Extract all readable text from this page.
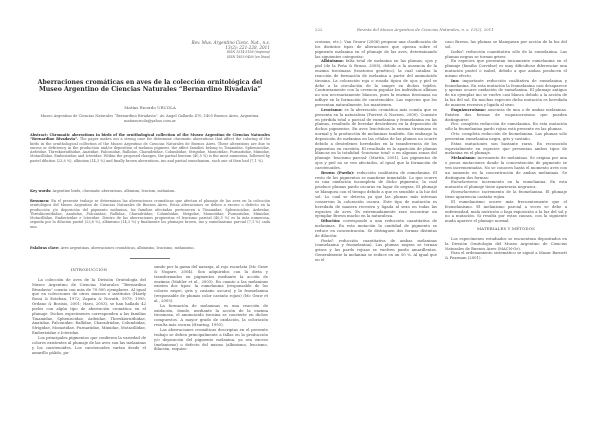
Rev. Mus. Argentino Cienc. Nat., n.s.
13(2): 221-228, 2011
ISSN 1514-5158 (impresa)
ISSN 1853-0400 (en línea)
Aberraciones cromáticas en aves de la colección ornitológica del Museo Argentino de Ciencias Naturales “Bernardino Rivadavia”
Matías Ricardo URCOLA
Museo Argentino de Ciencias Naturales “Bernardino Rivadavia”. Av. Angel Gallardo 470, 1405 Buenos Aires, Argentina. matiasurcola@yahoo.com.ar
Abstract: Chromatic aberrations in birds of the ornithological collection of the Museo Argentino de Ciencias Naturales “Bernardino Rivadavia”. The paper makes out a strong case for determine chromatic aberrations that affect the coloring of the birds in the ornithological collection of the Museo Argentino de Ciencias Naturales de Buenos Aires. These alterations are due to excess or deficiency in the production and/or deposition of melanin pigment, the affect families belong to Tinamidae, Spheniscidae, Ardeidae, Threskiornithidae, Anatidae, Falconidae, Rallidae, Charadriidae, Columbidae, Strigidae, Momotidae, Furnariidae, Mimidae, Motacillidae, Emberizidae and Icteridae. Within the proposed changes, the partial leucism (40,5 %) is the most numerous, followed by pastel dilution (23,8 %), albinism (14,3 %) and finally brown aberrations, ino and partial eumelanism, each one of then had (7,1 %).
Key words: Argentine birds, chromatic aberrations, albinism, leucism, melanism.
Resumen: En el presente trabajo se determinan las aberraciones cromáticas que afectan el plumaje de las aves en la colección ornitológica del Museo Argentino de Ciencias Naturales de Buenos Aires. Estas alteraciones se deben a exceso o defecto en la producción y/o deposición del pigmento melanina, las familias afectadas pertenecen a Tinamidae, Spheniscidae, Ardeidae, Threskiornithidae, Anatidae, Falconidae, Rallidae, Charadriidae, Columbidae, Strigidae, Momotidae, Furnariidae, Mimidae, Motacillidae, Emberizidae e Icteridae. Dentro de las aberraciones propuestas el leucismo parcial (40,5 %) es la más numerosa, seguida por la dilución pastel (23,8 %), albinismo (14,3 %) y finalmente los plumajes brown, ino y eumelanismo parcial (7,1 %) cada una.
Palabras clave: Aves argentinas, aberraciones cromáticas, albinismo, leucismo, melanismo.

INTRODUCCIÓN

La colección de aves de la División Ornitología del Museo Argentino de Ciencias Naturales “Bernardino Rivadavia” cuenta con más de 70.000 ejemplares. Al igual que en colecciones de otros museos e institutos (Hardy Rossi & Esteban, 1972; Zapata & Novatti, 1979, 1995; Ordano & Bosisio, 2001; Haro, 2003), se han hallado 42 pieles con algún tipo de aberración cromática en el plumaje. Dichos especímenes corresponden a las familias Tinamidae, Spheniscidae, Ardeidae, Threskiornithidae, Anatidae, Falconidae, Rallidae, Charadriidae, Columbidae, Strigidae, Momotidae, Furnariidae, Mimidae, Motacillidae, Emberizidae e Icteridae.

Los principales pigmentos que confieren la variedad de colores existentes al plumaje de las aves son las melaninas y los carotenoides. Los carotenoides varían desde el amarillo pálido, pa-

sando por la gama del naranja, al rojo escarlata (Mc Graw & Nogare, 2004). Son adquiridos con la dieta y transformados en pigmentos mediante la acción de enzimas (Mahler et al., 2003). En cuanto a las melaninas existen dos tipos: la eumelanina (responsable de los colores negro, gris y castaño oscuro) y la feomelanina (responsable de plumas color castaño rojizo) (Mc Graw et al., 2005).

La formación de melaninas es una reacción de oxidación, donde, mediante la acción de la enzima tirosinasa, el aminoácido tirosina se convierte en dichos compuestos. A mayor grado de oxidación, la coloración resulta más oscura (Hearing, 1993).

Las aberraciones cromáticas descriptas en el presente trabajo se deben principalmente a fallas en la producción y/o deposición del pigmento melanina, ya sea exceso (melanismo) o defecto del mismo (albinismo, leucismo, dilución, esquizo-

222	Revista del Museo Argentino de Ciencias Naturales, n. s. 13(2), 2011

croismo, etc.). Van Grouw (2006) propone una clasificación de los distintos tipos de alteraciones que operan sobre el pigmento melanina en el plumaje de las aves, determinando las siguientes categorías:

Albinismo: falta total de melanina en las plumas, ojos y piel (de la Peña & Bruno, 2008), debido a la ausencia de la enzima tirosinasa (trastorno genético), la cual cataliza la reacción de formación de melanina a partir del aminoácido tirosina. La coloración roja o rosada típica de ojos y piel se debe a la circulación de la sangre en dichos tejidos. Contrariamente con la creencia popular los individuos albinos no son necesariamente blancos, pues la enzima tirosinasa no influye en la formación de carotenoides. Las especies que los presentan naturalmente, los mantienen.

Leucismo: es la aberración cromática más común que se presenta en la naturaleza (Forrest & Naveen, 2000). Consiste en pérdida total o parcial de eumelanina y feomelanina en las plumas, resultado de heredar desórdenes en la deposición de dichos pigmentos. En aves leucísticas la enzima tirosinasa es normal y la producción de melaninas también. Sin embargo la deposición de melanina en las células de las plumas no ocurre debido a desórdenes heredados en la transferencia de los pigmentos en cuestión. El resultado es la aparición de plumas blancas en la totalidad -leucismo total- o en algunas zonas del plumaje -leucismo parcial- (Martín, 2001). Los pigmentos de ojos y piel no se ven afectados, al igual que la formación de carotenoides.

Brown (Pardo): reducción cualitativa de eumelanina. El resto de los pigmentos se mantiene inmutable. Lo que ocurre es una oxidación incompleta de dicho pigmento, la cual produce plumas pardo oscuras en lugar de negras. El plumaje se blanquea con el tiempo debido a que es sensible a la luz del sol. Lo cual se detecta ya que las plumas más internas conservan la coloración oscura. Este tipo de mutación es heredada de manera recesiva y ligada al sexo en todas las especies de aves. Es extremadamente raro encontrar un ejemplar Brown macho en la naturaleza.

Dilución: corresponde a una reducción cuantitativa de melaninas. En esta mutación la cantidad de pigmento se reduce en concentración. Se distinguen dos formas distintas de dilución:

Pastel: reducción cuantitativa de ambas melaninas (eumelanina y feomelanina). Las plumas negras se tornan grises y las pardo rojizas se vuelven pardo amarillentas. Generalmente la melanina se reduce en un 50 %. Al igual que en el

caso Brown, las plumas se blanquean por acción de la luz del sol.

Isabel: reducción cuantitativa sólo de la eumelanina. Las plumas negras se tornan grises.

En especies que presentan únicamente eumelanina en el plumaje (familia Corvidae) es muy dificultoso diferenciar una mutación pastel o isabel, debido a que ambas producen el mismo efecto.

Ino: importante reducción cualitativa de eumelanina y feomelanina. En esta mutación la feomelanina casi desaparece y apenas ocurre oxidación de eumelanina. El plumaje antiguo de un ejemplar ino se vuelve casi blanco debido a la acción de la luz del sol. En muchas especies dicha mutación es heredada de manera recesiva y ligada al sexo.

Esquizocroismo: ausencia de una o de ambas melaninas. Existen dos formas de esquizocroismo que pueden distinguirse:

Feo: completa reducción de eumelanina. En esta mutación sólo la feomelanina pardo rojiza está presente en las plumas.

Gris: completa reducción de feomelanina. Las plumas sólo presentan eumelanina negra, gris y castaño.

Estas mutaciones son bastante raras. En reconocido especialmente en especies que presentan ambos tipos de melanina en el plumaje.

Melanismo: incremento de melaninas. Se origina por una o pocas mutaciones donde la concentración de pigmento se ven incrementadas. No se conocen hasta el momento aves con un aumento en la concentración de ambas melaninas. Se distinguen dos formas:

Eumelanismo: incremento en la eumelanina. En esta mutación el plumaje tiene apariencia negruzca.

Feomelanismo: incremento de la feomelanina. El plumaje tiene apariencia castaño rojiza.

El eumelanismo ocurre más frecuentemente que el feomelanismo. El melanismo parcial a veces se debe a enfermedad, mala nutrición o baja exposición a la luz del sol y no a mutación. Si resulta por estas causas, con la siguiente muda aparece el plumaje normal.

MATERIALES Y MÉTODOS

Los especímenes estudiados se encuentran depositados en la División Ornitología del Museo Argentino de Ciencias Naturales de Buenos Aires (MACN-Or).

Para el ordenamiento sistemático se siguió a Mazar Barnett & Pearman (2001).
